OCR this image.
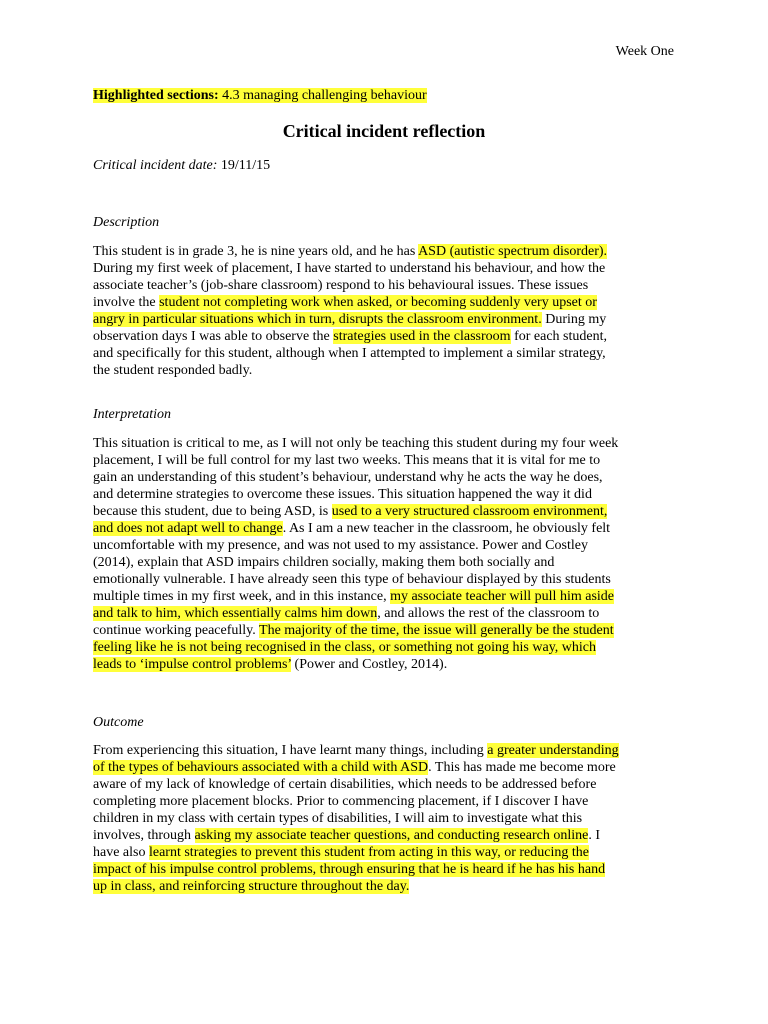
Week One
Highlighted sections: 4.3 managing challenging behaviour
Critical incident reflection
Critical incident date: 19/11/15
Description
This student is in grade 3, he is nine years old, and he has ASD (autistic spectrum disorder).
During my first week of placement, I have started to understand his behaviour, and how the
associate teacher’s (job-share classroom) respond to his behavioural issues. These issues
involve the student not completing work when asked, or becoming suddenly very upset or
angry in particular situations which in turn, disrupts the classroom environment. During my
observation days I was able to observe the strategies used in the classroom for each student,
and specifically for this student, although when I attempted to implement a similar strategy,
the student responded badly.
Interpretation
This situation is critical to me, as I will not only be teaching this student during my four week
placement, I will be full control for my last two weeks. This means that it is vital for me to
gain an understanding of this student’s behaviour, understand why he acts the way he does,
and determine strategies to overcome these issues. This situation happened the way it did
because this student, due to being ASD, is used to a very structured classroom environment,
and does not adapt well to change. As I am a new teacher in the classroom, he obviously felt
uncomfortable with my presence, and was not used to my assistance. Power and Costley
(2014), explain that ASD impairs children socially, making them both socially and
emotionally vulnerable. I have already seen this type of behaviour displayed by this students
multiple times in my first week, and in this instance, my associate teacher will pull him aside
and talk to him, which essentially calms him down, and allows the rest of the classroom to
continue working peacefully. The majority of the time, the issue will generally be the student
feeling like he is not being recognised in the class, or something not going his way, which
leads to ‘impulse control problems’ (Power and Costley, 2014).
Outcome
From experiencing this situation, I have learnt many things, including a greater understanding
of the types of behaviours associated with a child with ASD. This has made me become more
aware of my lack of knowledge of certain disabilities, which needs to be addressed before
completing more placement blocks. Prior to commencing placement, if I discover I have
children in my class with certain types of disabilities, I will aim to investigate what this
involves, through asking my associate teacher questions, and conducting research online. I
have also learnt strategies to prevent this student from acting in this way, or reducing the
impact of his impulse control problems, through ensuring that he is heard if he has his hand
up in class, and reinforcing structure throughout the day.
